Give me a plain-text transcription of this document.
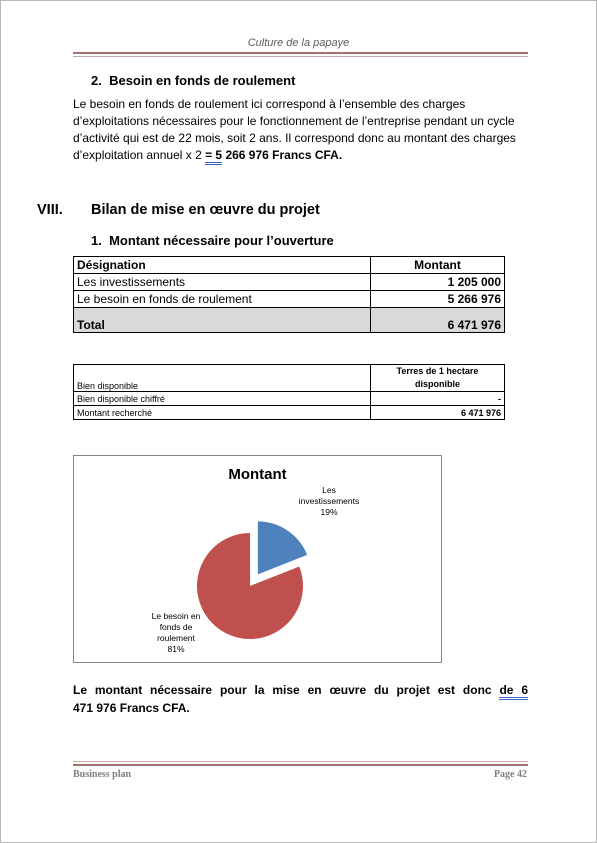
Culture de la papaye
2. Besoin en fonds de roulement
Le besoin en fonds de roulement ici correspond à l’ensemble des charges
d’exploitations nécessaires pour le fonctionnement de l’entreprise pendant un cycle
d’activité qui est de 22 mois, soit 2 ans. Il correspond donc au montant des charges
d’exploitation annuel x 2 = 5 266 976 Francs CFA.
VIII. Bilan de mise en œuvre du projet
1. Montant nécessaire pour l’ouverture
Désignation	Montant
Les investissements	1 205 000
Le besoin en fonds de roulement	5 266 976
Total	6 471 976
Bien disponible	Terres de 1 hectare
disponible

Bien disponible chiffré	-
Montant recherché	6 471 976
Montant
Les
investissements
19%
Le besoin en
fonds de
roulement
81%
Le montant nécessaire pour la mise en œuvre du projet est donc de 6
471 976 Francs CFA.
Business plan	Page 42
